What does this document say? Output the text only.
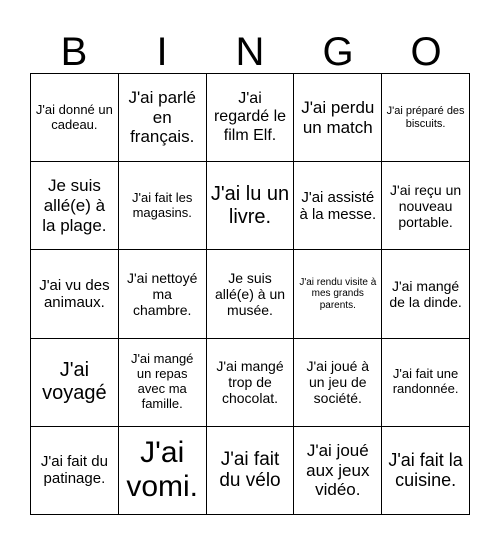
B	I	N	G	O
J'ai donné un cadeau.
J'ai parlé en français.
J'ai regardé le film Elf.
J'ai perdu un match
J'ai préparé des biscuits.
Je suis allé(e) à la plage.
J'ai fait les magasins.
J'ai lu un livre.
J'ai assisté à la messe.
J'ai reçu un nouveau portable.
J'ai vu des animaux.
J'ai nettoyé ma chambre.
Je suis allé(e) à un musée.
J'ai rendu visite à mes grands parents.
J'ai mangé de la dinde.
J'ai voyagé
J'ai mangé un repas avec ma famille.
J'ai mangé trop de chocolat.
J'ai joué à un jeu de société.
J'ai fait une randonnée.
J'ai fait du patinage.
J'ai vomi.
J'ai fait du vélo
J'ai joué aux jeux vidéo.
J'ai fait la cuisine.
